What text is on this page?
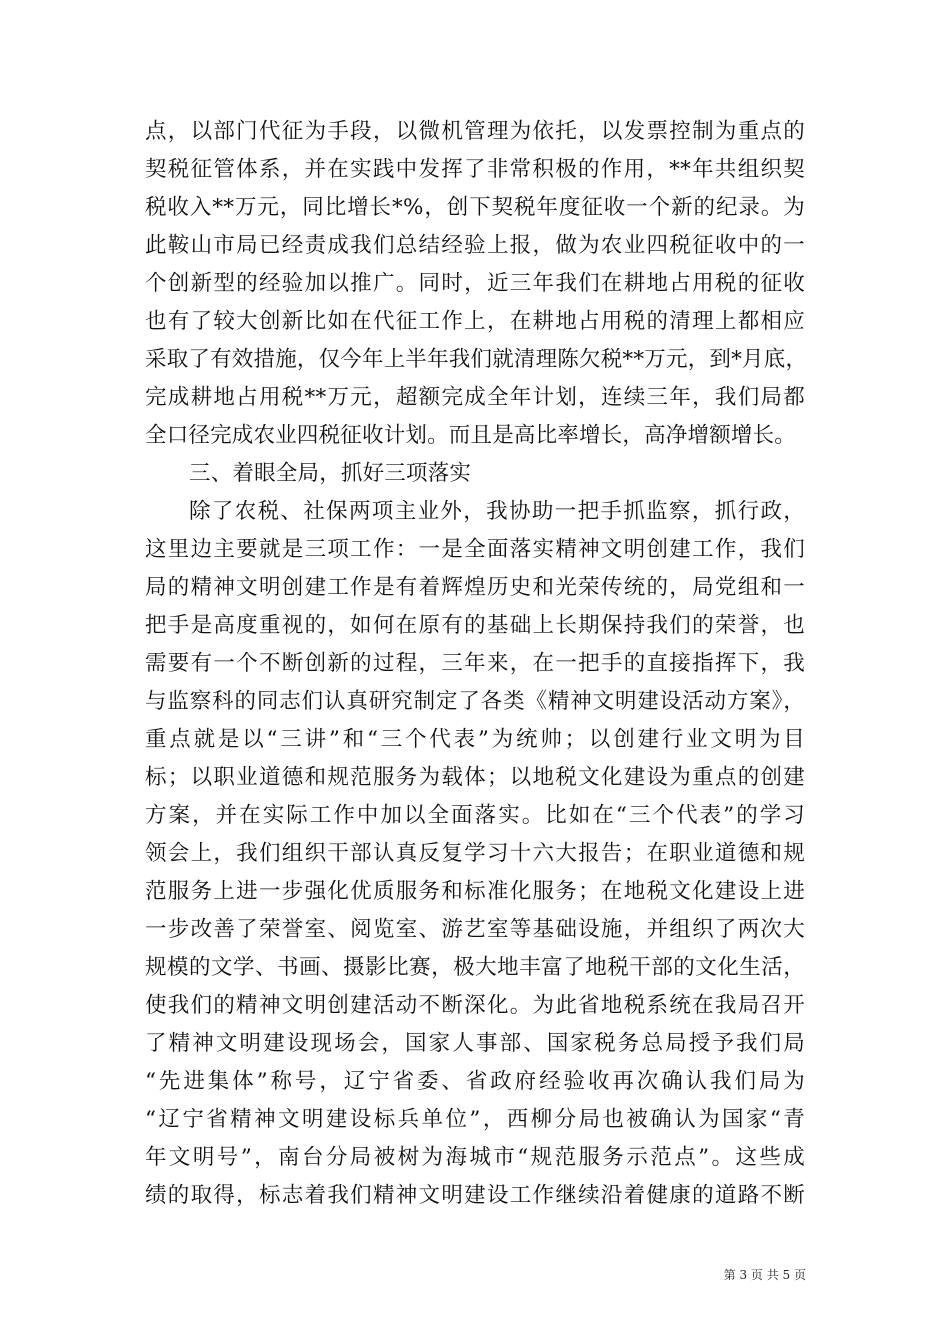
点，以部门代征为手段，以微机管理为依托，以发票控制为重点的
契税征管体系，并在实践中发挥了非常积极的作用，**年共组织契
税收入**万元，同比增长*%，创下契税年度征收一个新的纪录。为
此鞍山市局已经责成我们总结经验上报，做为农业四税征收中的一
个创新型的经验加以推广。同时，近三年我们在耕地占用税的征收
也有了较大创新比如在代征工作上，在耕地占用税的清理上都相应
采取了有效措施，仅今年上半年我们就清理陈欠税**万元，到*月底，
完成耕地占用税**万元，超额完成全年计划，连续三年，我们局都
全口径完成农业四税征收计划。而且是高比率增长，高净增额增长。
三、着眼全局，抓好三项落实
除了农税、社保两项主业外，我协助一把手抓监察，抓行政，
这里边主要就是三项工作：一是全面落实精神文明创建工作，我们
局的精神文明创建工作是有着辉煌历史和光荣传统的，局党组和一
把手是高度重视的，如何在原有的基础上长期保持我们的荣誉，也
需要有一个不断创新的过程，三年来，在一把手的直接指挥下，我
与监察科的同志们认真研究制定了各类《精神文明建设活动方案》，
重点就是以“三讲”和“三个代表”为统帅；以创建行业文明为目
标；以职业道德和规范服务为载体；以地税文化建设为重点的创建
方案，并在实际工作中加以全面落实。比如在“三个代表”的学习
领会上，我们组织干部认真反复学习十六大报告；在职业道德和规
范服务上进一步强化优质服务和标准化服务；在地税文化建设上进
一步改善了荣誉室、阅览室、游艺室等基础设施，并组织了两次大
规模的文学、书画、摄影比赛，极大地丰富了地税干部的文化生活，
使我们的精神文明创建活动不断深化。为此省地税系统在我局召开
了精神文明建设现场会，国家人事部、国家税务总局授予我们局
“先进集体”称号，辽宁省委、省政府经验收再次确认我们局为
“辽宁省精神文明建设标兵单位”，西柳分局也被确认为国家“青
年文明号”，南台分局被树为海城市“规范服务示范点”。这些成
绩的取得，标志着我们精神文明建设工作继续沿着健康的道路不断
第 3 页 共 5 页
